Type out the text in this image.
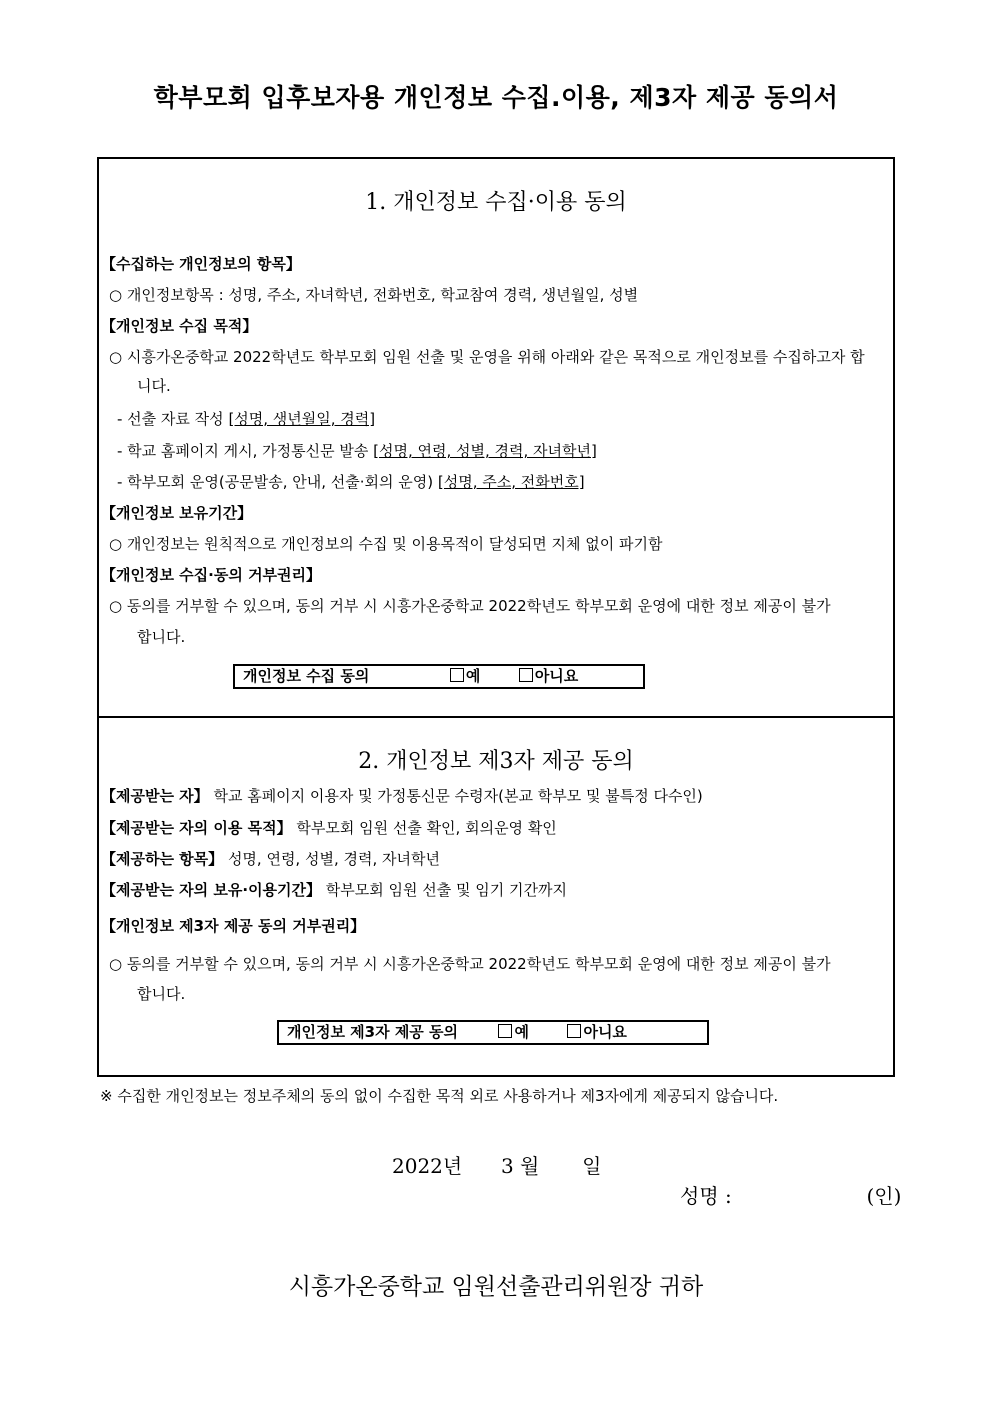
학부모회 입후보자용 개인정보 수집.이용, 제3자 제공 동의서
1. 개인정보 수집·이용 동의
【수집하는 개인정보의 항목】
○ 개인정보항목 : 성명, 주소, 자녀학년, 전화번호, 학교참여 경력, 생년월일, 성별
【개인정보 수집 목적】
○ 시흥가온중학교 2022학년도 학부모회 임원 선출 및 운영을 위해 아래와 같은 목적으로 개인정보를 수집하고자 합
니다.
- 선출 자료 작성 [성명, 생년월일, 경력]
- 학교 홈페이지 게시, 가정통신문 발송 [성명, 연령, 성별, 경력, 자녀학년]
- 학부모회 운영(공문발송, 안내, 선출·회의 운영) [성명, 주소, 전화번호]
【개인정보 보유기간】
○ 개인정보는 원칙적으로 개인정보의 수집 및 이용목적이 달성되면 지체 없이 파기함
【개인정보 수집·동의 거부권리】
○ 동의를 거부할 수 있으며, 동의 거부 시 시흥가온중학교 2022학년도 학부모회 운영에 대한 정보 제공이 불가
합니다.
개인정보 수집 동의	예	아니요
2. 개인정보 제3자 제공 동의
【제공받는 자】 학교 홈페이지 이용자 및 가정통신문 수령자(본교 학부모 및 불특정 다수인)
【제공받는 자의 이용 목적】 학부모회 임원 선출 확인, 회의운영 확인
【제공하는 항목】 성명, 연령, 성별, 경력, 자녀학년
【제공받는 자의 보유·이용기간】 학부모회 임원 선출 및 임기 기간까지
【개인정보 제3자 제공 동의 거부권리】
○ 동의를 거부할 수 있으며, 동의 거부 시 시흥가온중학교 2022학년도 학부모회 운영에 대한 정보 제공이 불가
합니다.
개인정보 제3자 제공 동의	예	아니요
※ 수집한 개인정보는 정보주체의 동의 없이 수집한 목적 외로 사용하거나 제3자에게 제공되지 않습니다.
2022년 3 월 일
성명 :	(인)
시흥가온중학교 임원선출관리위원장 귀하
